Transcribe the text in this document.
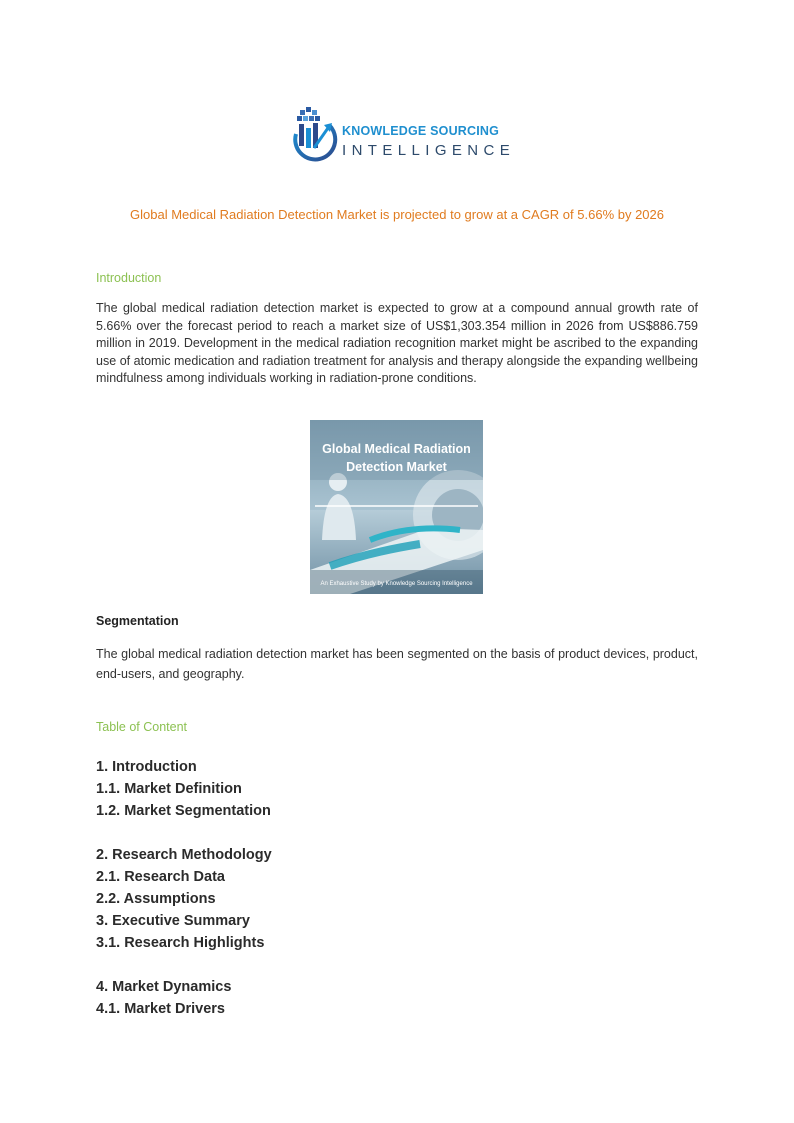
KNOWLEDGE SOURCING
INTELLIGENCE
Global Medical Radiation Detection Market is projected to grow at a CAGR of 5.66% by 2026
Introduction
The global medical radiation detection market is expected to grow at a compound annual growth rate of 5.66% over the forecast period to reach a market size of US$1,303.354 million in 2026 from US$886.759 million in 2019. Development in the medical radiation recognition market might be ascribed to the expanding use of atomic medication and radiation treatment for analysis and therapy alongside the expanding wellbeing mindfulness among individuals working in radiation-prone conditions.
Global Medical Radiation
Detection Market
An Exhaustive Study by Knowledge Sourcing Intelligence
Segmentation
The global medical radiation detection market has been segmented on the basis of product devices, product, end-users, and geography.
Table of Content
1. Introduction
1.1. Market Definition
1.2. Market Segmentation
2. Research Methodology
2.1. Research Data
2.2. Assumptions
3. Executive Summary
3.1. Research Highlights
4. Market Dynamics
4.1. Market Drivers
